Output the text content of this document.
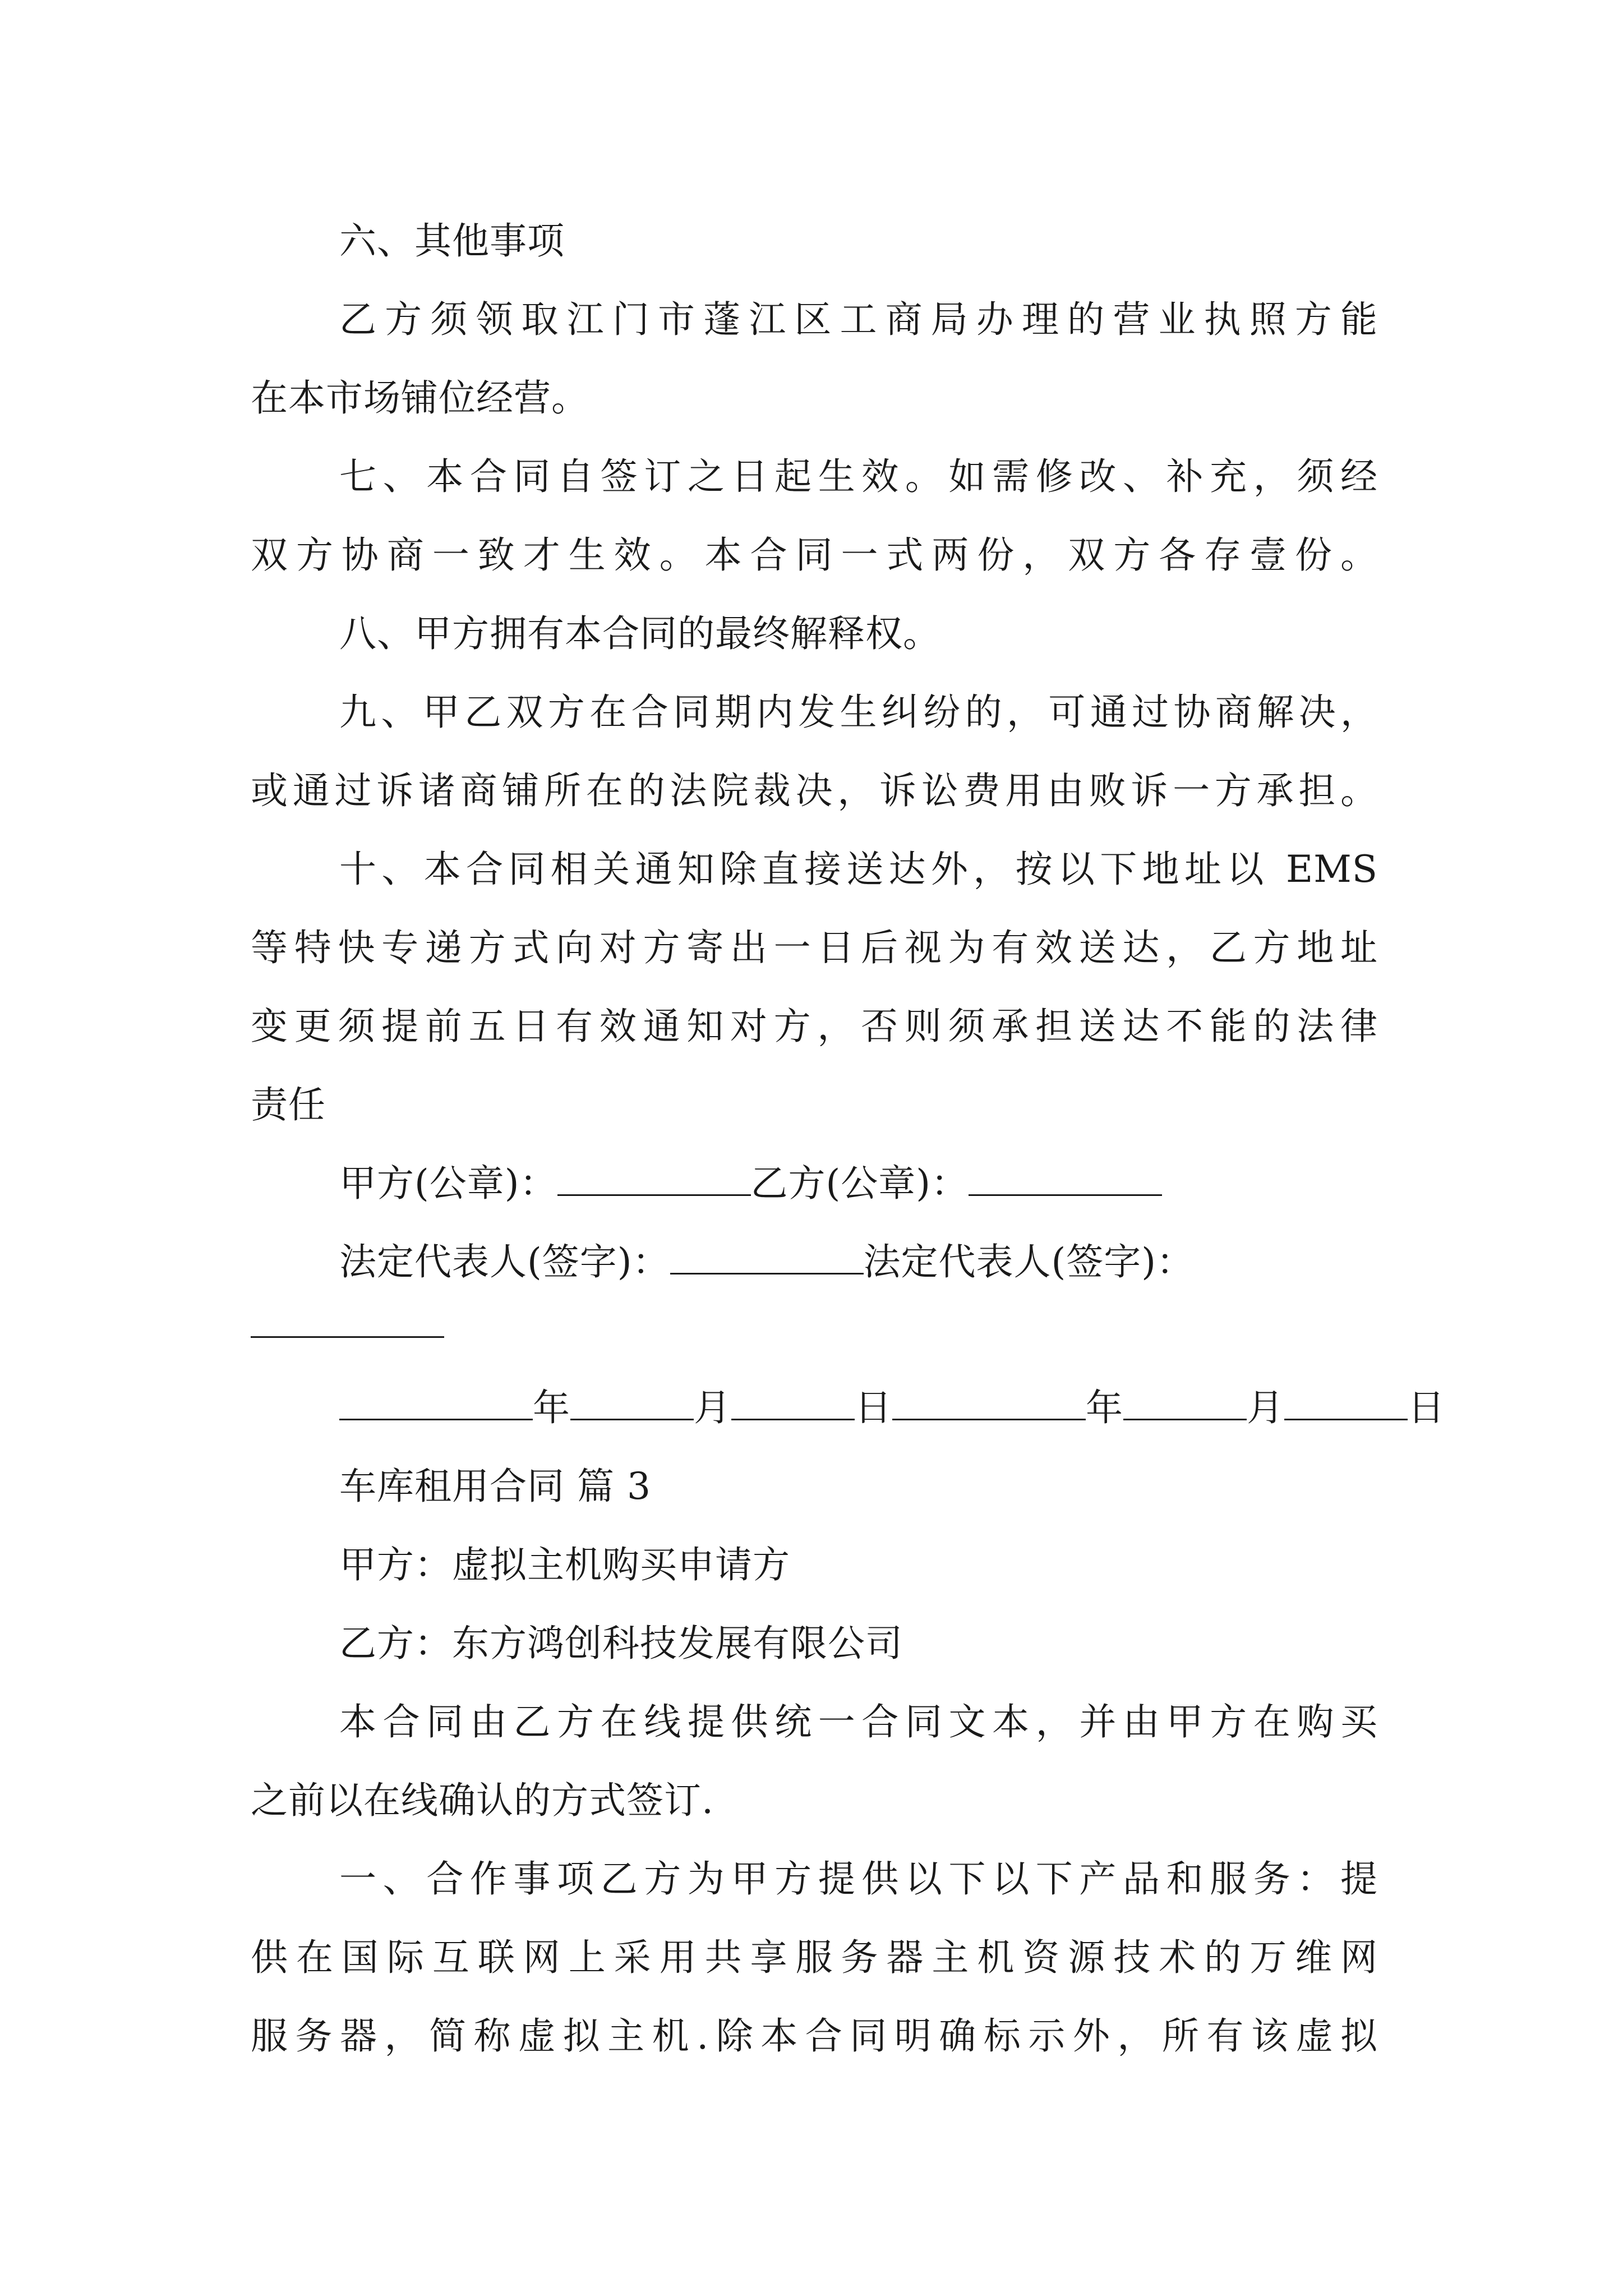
六、其他事项
乙方须领取江门市蓬江区工商局办理的营业执照方能
在本市场铺位经营。
七、本合同自签订之日起生效。如需修改、补充，须经
双方协商一致才生效。本合同一式两份，双方各存壹份。
八、甲方拥有本合同的最终解释权。
九、甲乙双方在合同期内发生纠纷的，可通过协商解决，
或通过诉诸商铺所在的法院裁决，诉讼费用由败诉一方承担。
十、本合同相关通知除直接送达外，按以下地址以 EMS
等特快专递方式向对方寄出一日后视为有效送达，乙方地址
变更须提前五日有效通知对方，否则须承担送达不能的法律
责任
甲方(公章)：	乙方(公章)：
法定代表人(签字)：	法定代表人(签字)：
年	月	日	年	月	日
车库租用合同 篇 3
甲方：虚拟主机购买申请方
乙方：东方鸿创科技发展有限公司
本合同由乙方在线提供统一合同文本，并由甲方在购买
之前以在线确认的方式签订.
一、合作事项乙方为甲方提供以下以下产品和服务：提
供在国际互联网上采用共享服务器主机资源技术的万维网
服务器，简称虚拟主机.除本合同明确标示外，所有该虚拟
